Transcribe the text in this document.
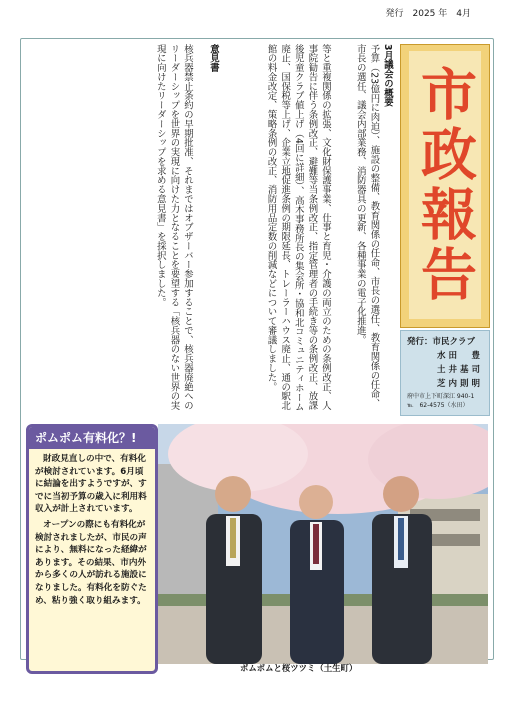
発行　2025 年　4月

3月議会の概要

予算（23億円に肉迫）、施設の整備、教育関係の任命、市長の選任、教育関係の任命、市長の選任、議会内部業務、消防器具の更新、各種事業の電子化推進。

等と重複関係の拡張、文化財保護事業、仕事と育児・介護の両立のための条例改正、人事院勧告に伴う条例改正、避難等当条例改正、指定管理者の手続き等の条例改正、放課後児童クラブ値上げ（4回に詳細）、高木事務所長の集会所・協和北コミュニティホーム廃止、国保税等上げ、企業立地促進条例の期限延長、トレーラーハウス廃止、通の駅北館の料金改定、策略条例の改正、消防用品定数の削減などについて審議しました。

意見書

核兵器禁止条約の早期批准、それまではオブザーバー参加することで、核兵器廃絶へのリーダーシップを世界の実現に向けた力となることを要望する「核兵器のない世界の実現に向けたリーダーシップを求める意見書」を採択しました。	市政報告
発行：市民クラブ
水田　豊
土井基司
芝内則明
府中市上下町深江 940-1
℡　62-4575（水田）
ポムポム有料化？!

財政見直しの中で、有料化が検討されています。6月頃に結論を出すようですが、すでに当初予算の歳入に利用料収入が計上されています。

オープンの際にも有料化が検討されましたが、市民の声により、無料になった経緯があります。その結果、市内外から多くの人が訪れる施設になりました。有料化を防ぐため、粘り強く取り組みます。

ポムポムと桜ツツミ（土生町）
